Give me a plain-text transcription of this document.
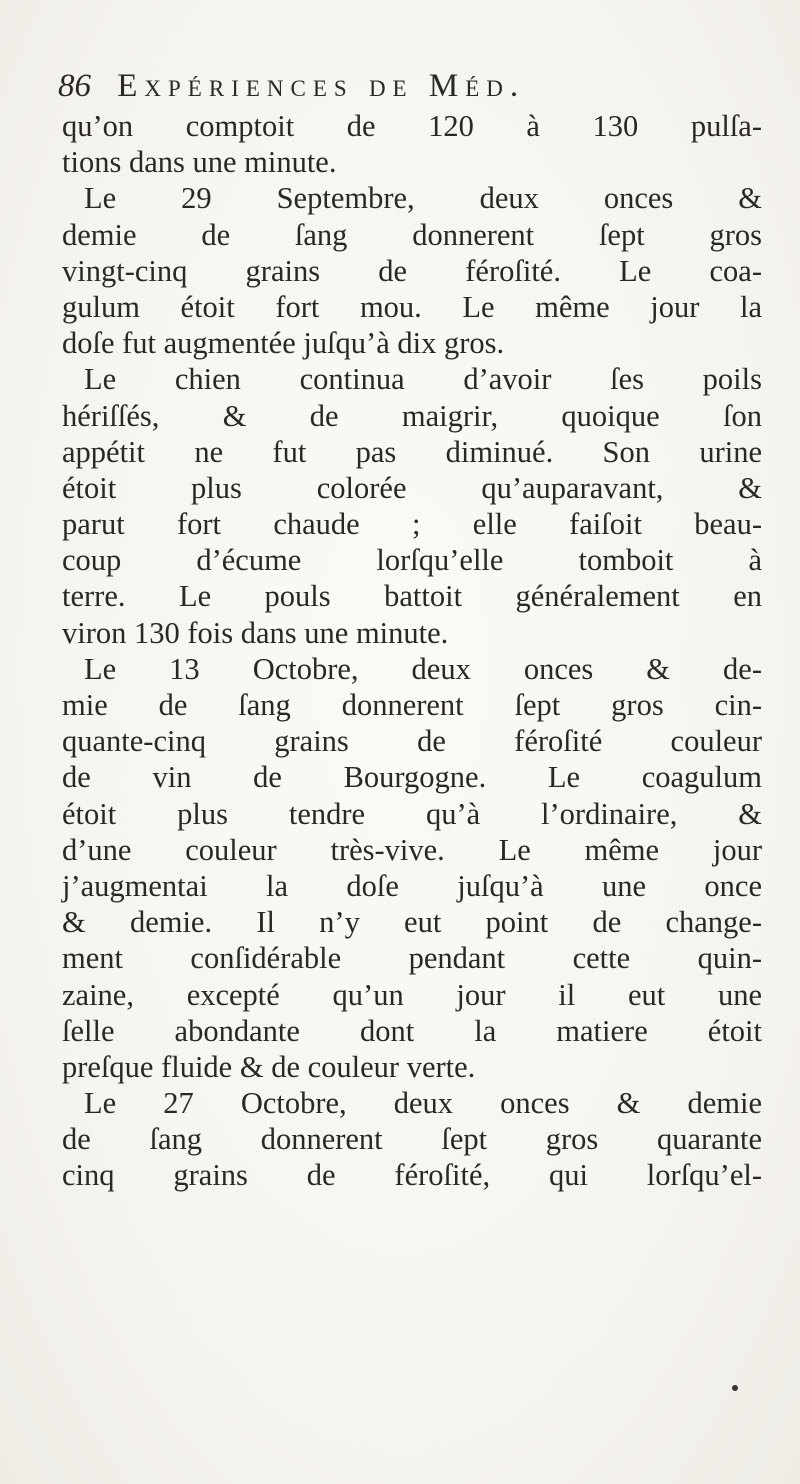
86 Expériences de Méd.
qu’on comptoit de 120 à 130 pulſa-
tions dans une minute.
Le 29 Septembre, deux onces &
demie de ſang donnerent ſept gros
vingt-cinq grains de féroſité. Le coa-
gulum étoit fort mou. Le même jour la
doſe fut augmentée juſqu’à dix gros.
Le chien continua d’avoir ſes poils
hériſſés, & de maigrir, quoique ſon
appétit ne fut pas diminué. Son urine
étoit plus colorée qu’auparavant, &
parut fort chaude ; elle faiſoit beau-
coup d’écume lorſqu’elle tomboit à
terre. Le pouls battoit généralement en
viron 130 fois dans une minute.
Le 13 Octobre, deux onces & de-
mie de ſang donnerent ſept gros cin-
quante-cinq grains de féroſité couleur
de vin de Bourgogne. Le coagulum
étoit plus tendre qu’à l’ordinaire, &
d’une couleur très-vive. Le même jour
j’augmentai la doſe juſqu’à une once
& demie. Il n’y eut point de change-
ment conſidérable pendant cette quin-
zaine, excepté qu’un jour il eut une
ſelle abondante dont la matiere étoit
preſque fluide & de couleur verte.
Le 27 Octobre, deux onces & demie
de ſang donnerent ſept gros quarante
cinq grains de féroſité, qui lorſqu’el-
